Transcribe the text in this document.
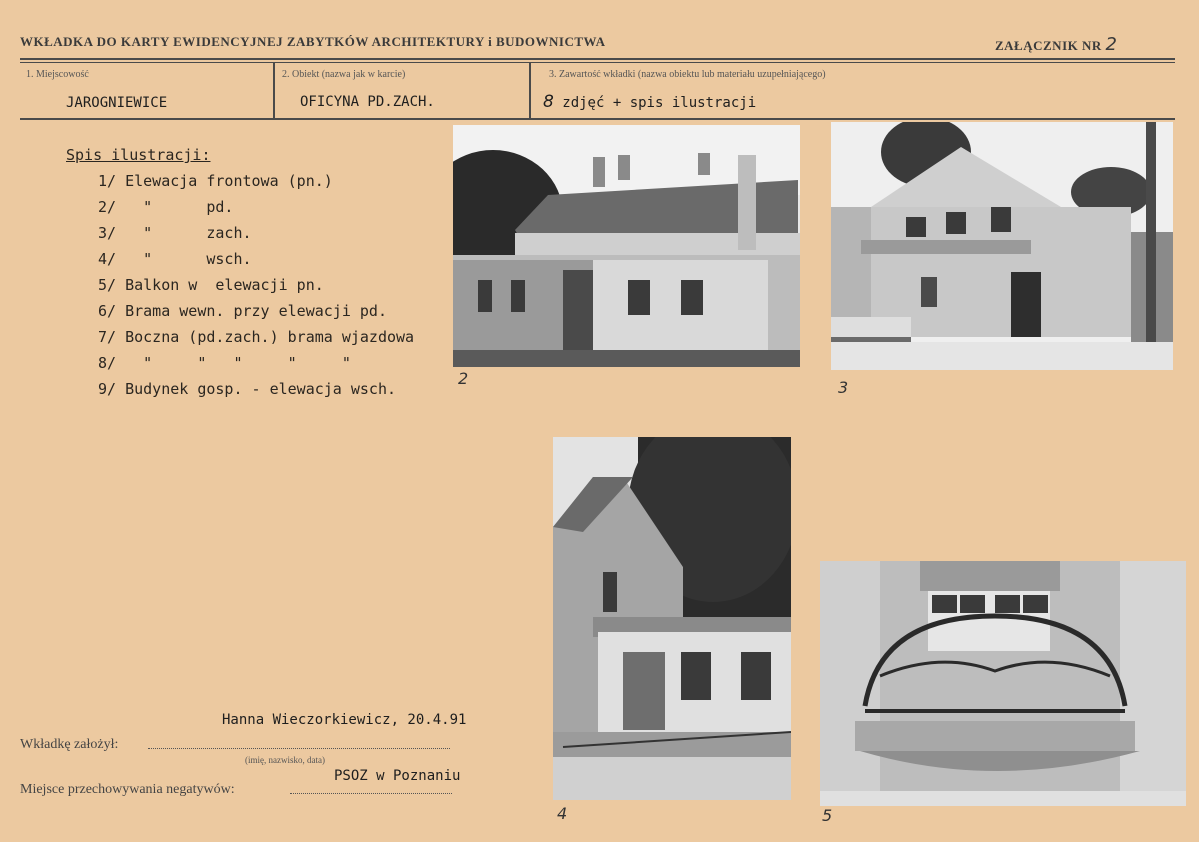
WKŁADKA DO KARTY EWIDENCYJNEJ ZABYTKÓW ARCHITEKTURY i BUDOWNICTWA	ZAŁĄCZNIK NR 2
1. Miejscowość
JAROGNIEWICE
2. Obiekt (nazwa jak w karcie)
OFICYNA PD.ZACH.
3. Zawartość wkładki (nazwa obiektu lub materiału uzupełniającego)
8 zdjęć + spis ilustracji
Spis ilustracji:
1/ Elewacja frontowa (pn.)
2/   "      pd.
3/   "      zach.
4/   "      wsch.
5/ Balkon w  elewacji pn.
6/ Brama wewn. przy elewacji pd.
7/ Boczna (pd.zach.) brama wjazdowa
8/   "     "   "     "     "
9/ Budynek gosp. - elewacja wsch.
2	3
4	5
Hanna Wieczorkiewicz, 20.4.91
Wkładkę założył:
(imię, nazwisko, data)
PSOZ w Poznaniu
Miejsce przechowywania negatywów:
